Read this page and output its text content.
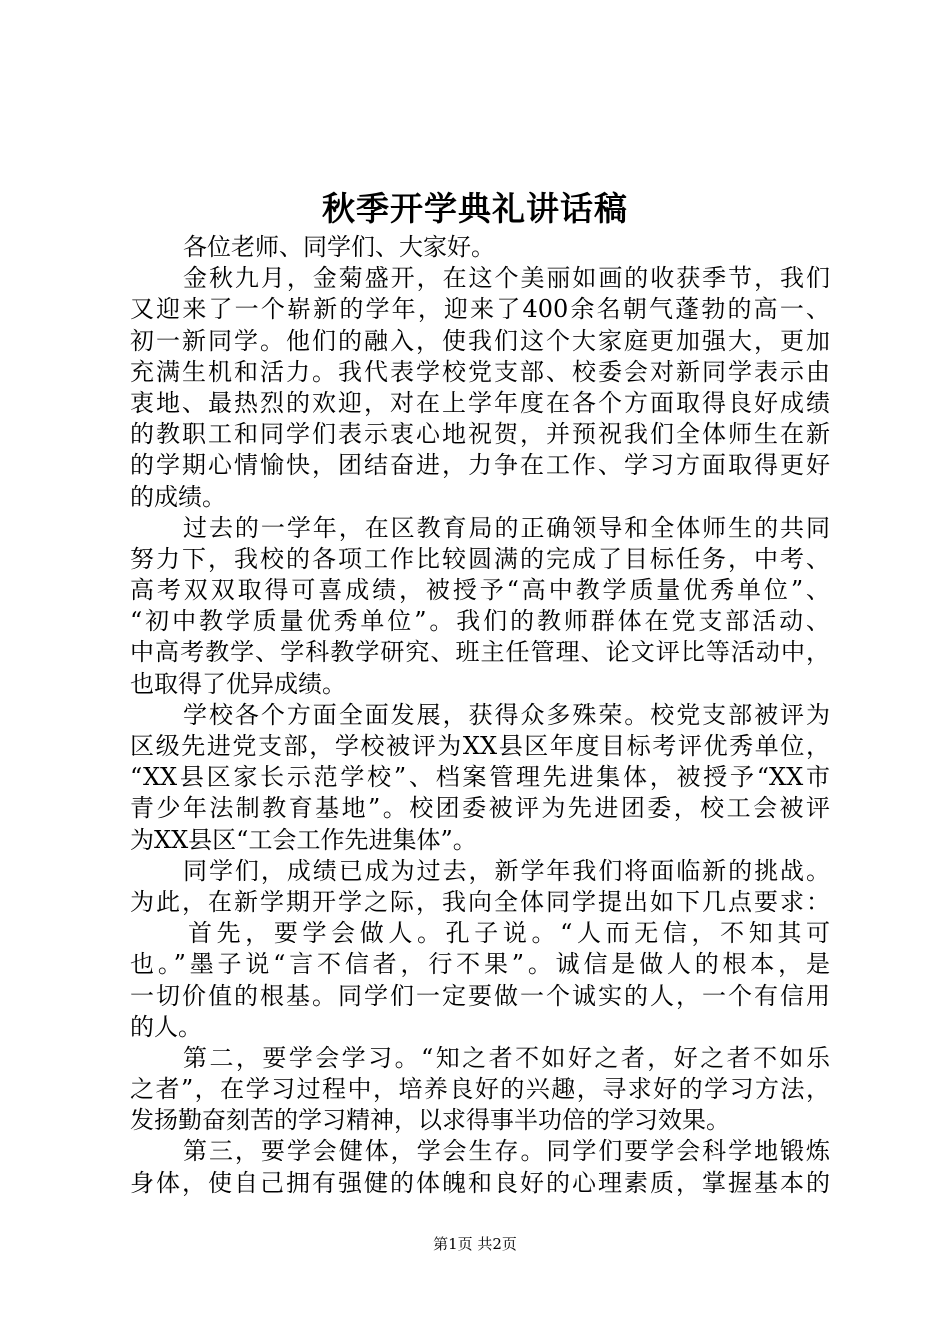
秋季开学典礼讲话稿
各位老师、同学们、大家好。
金秋九月，金菊盛开，在这个美丽如画的收获季节，我们
又迎来了一个崭新的学年，迎来了400余名朝气蓬勃的高一、
初一新同学。他们的融入，使我们这个大家庭更加强大，更加
充满生机和活力。我代表学校党支部、校委会对新同学表示由
衷地、最热烈的欢迎，对在上学年度在各个方面取得良好成绩
的教职工和同学们表示衷心地祝贺，并预祝我们全体师生在新
的学期心情愉快，团结奋进，力争在工作、学习方面取得更好
的成绩。
过去的一学年，在区教育局的正确领导和全体师生的共同
努力下，我校的各项工作比较圆满的完成了目标任务，中考、
高考双双取得可喜成绩，被授予“高中教学质量优秀单位”、
“初中教学质量优秀单位”。我们的教师群体在党支部活动、
中高考教学、学科教学研究、班主任管理、论文评比等活动中，
也取得了优异成绩。
学校各个方面全面发展，获得众多殊荣。校党支部被评为
区级先进党支部，学校被评为XX县区年度目标考评优秀单位，
“XX县区家长示范学校”、档案管理先进集体，被授予“XX市
青少年法制教育基地”。校团委被评为先进团委，校工会被评
为XX县区“工会工作先进集体”。
同学们，成绩已成为过去，新学年我们将面临新的挑战。
为此，在新学期开学之际，我向全体同学提出如下几点要求：
首先，要学会做人。孔子说。“人而无信，不知其可
也。”墨子说“言不信者，行不果”。诚信是做人的根本，是
一切价值的根基。同学们一定要做一个诚实的人，一个有信用
的人。
第二，要学会学习。“知之者不如好之者，好之者不如乐
之者”，在学习过程中，培养良好的兴趣，寻求好的学习方法，
发扬勤奋刻苦的学习精神，以求得事半功倍的学习效果。
第三，要学会健体，学会生存。同学们要学会科学地锻炼
身体，使自己拥有强健的体魄和良好的心理素质，掌握基本的
第1页 共2页
